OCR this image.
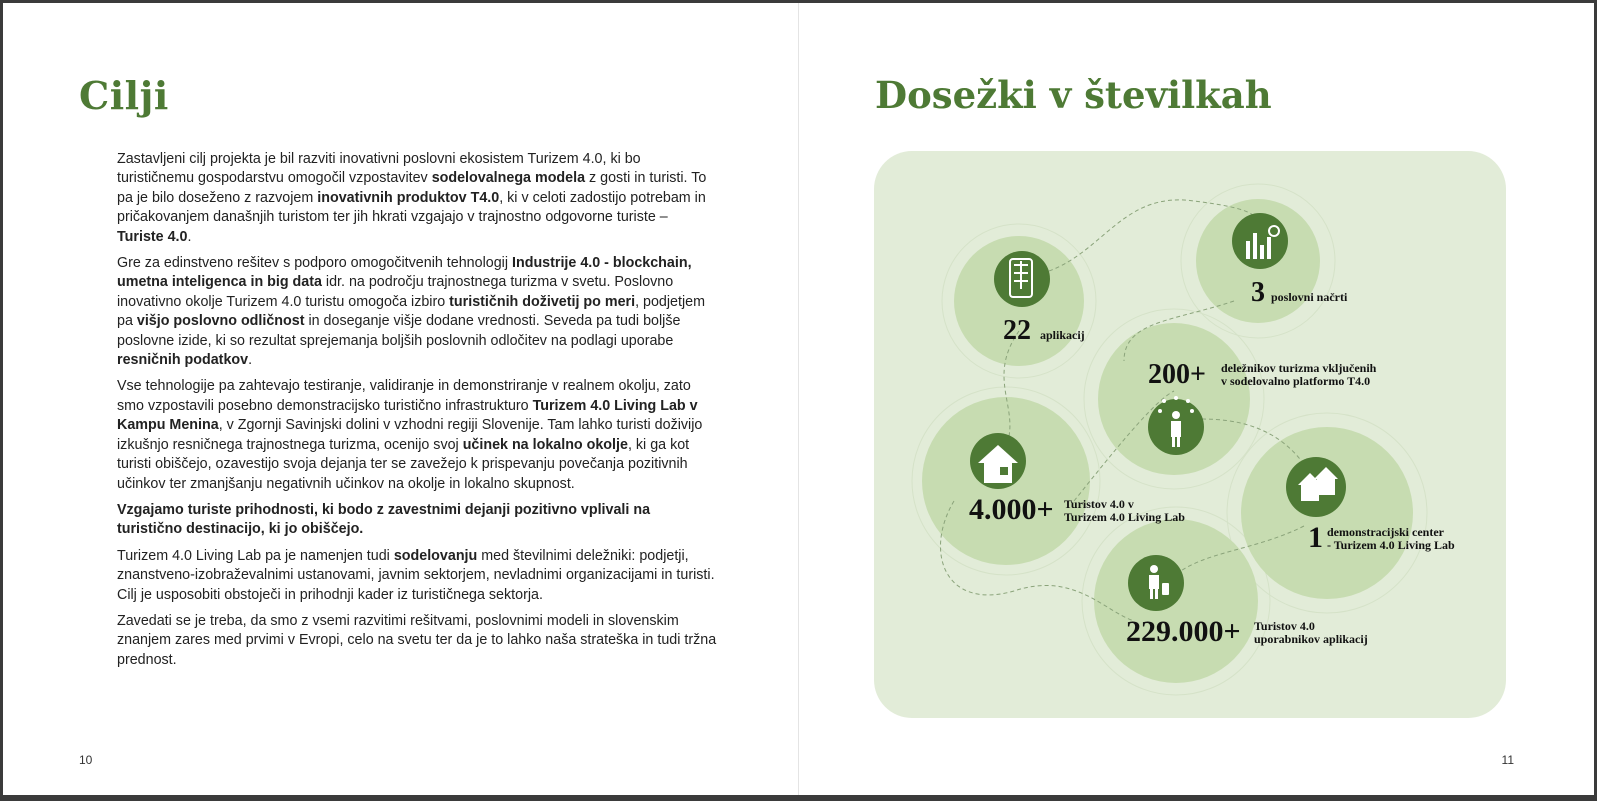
Cilji

Zastavljeni cilj projekta je bil razviti inovativni poslovni ekosistem Turizem 4.0, ki bo turističnemu gospodarstvu omogočil vzpostavitev sodelovalnega modela z gosti in turisti. To pa je bilo doseženo z razvojem inovativnih produktov T4.0, ki v celoti zadostijo potrebam in pričakovanjem današnjih turistom ter jih hkrati vzgajajo v trajnostno odgovorne turiste – Turiste 4.0.

Gre za edinstveno rešitev s podporo omogočitvenih tehnologij Industrije 4.0 - blockchain, umetna inteligenca in big data idr. na področju trajnostnega turizma v svetu. Poslovno inovativno okolje Turizem 4.0 turistu omogoča izbiro turističnih doživetij po meri, podjetjem pa višjo poslovno odličnost in doseganje višje dodane vrednosti. Seveda pa tudi boljše poslovne izide, ki so rezultat sprejemanja boljših poslovnih odločitev na podlagi uporabe resničnih podatkov.

Vse tehnologije pa zahtevajo testiranje, validiranje in demonstriranje v realnem okolju, zato smo vzpostavili posebno demonstracijsko turistično infrastrukturo Turizem 4.0 Living Lab v Kampu Menina, v Zgornji Savinjski dolini v vzhodni regiji Slovenije. Tam lahko turisti doživijo izkušnjo resničnega trajnostnega turizma, ocenijo svoj učinek na lokalno okolje, ki ga kot turisti obiščejo, ozavestijo svoja dejanja ter se zavežejo k prispevanju povečanja pozitivnih učinkov ter zmanjšanju negativnih učinkov na okolje in lokalno skupnost.

Vzgajamo turiste prihodnosti, ki bodo z zavestnimi dejanji pozitivno vplivali na turistično destinacijo, ki jo obiščejo.

Turizem 4.0 Living Lab pa je namenjen tudi sodelovanju med številnimi deležniki: podjetji, znanstveno-izobraževalnimi ustanovami, javnim sektorjem, nevladnimi organizacijami in turisti. Cilj je usposobiti obstoječi in prihodnji kader iz turističnega sektorja.

Zavedati se je treba, da smo z vsemi razvitimi rešitvami, poslovnimi modeli in slovenskim znanjem zares med prvimi v Evropi, celo na svetu ter da je to lahko naša strateška in tudi tržna prednost.

10
Dosežki v številkah
22 aplikacij
3 poslovni načrti
200+ deležnikov turizma vključenih
v sodelovalno platformo T4.0
4.000+ Turistov 4.0 v
Turizem 4.0 Living Lab
1 demonstracijski center
- Turizem 4.0 Living Lab
229.000+ Turistov 4.0
uporabnikov aplikacij
11
